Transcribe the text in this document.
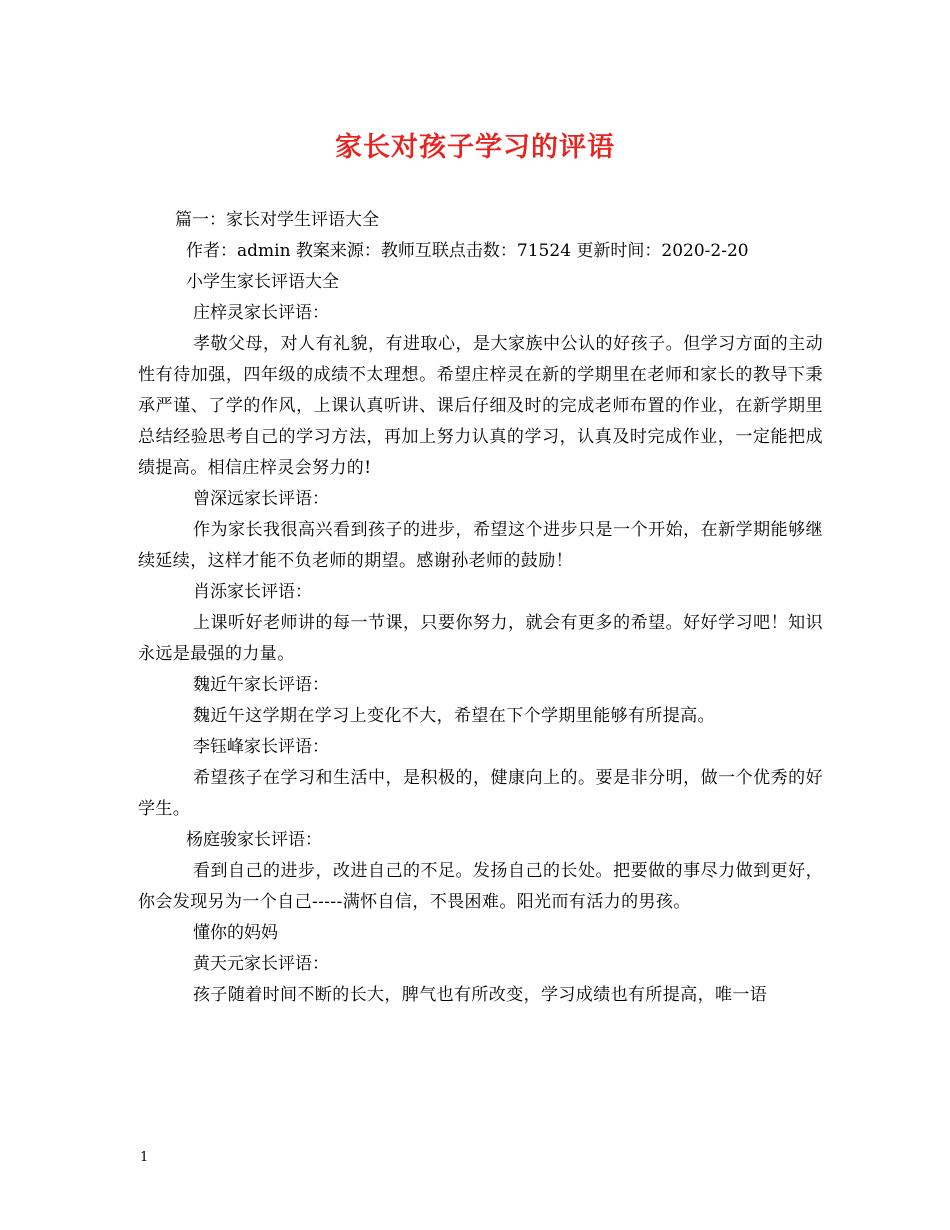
家长对孩子学习的评语

篇一：家长对学生评语大全

作者：admin 教案来源：教师互联点击数：71524 更新时间：2020-2-20

小学生家长评语大全

庄梓灵家长评语：

孝敬父母，对人有礼貌，有进取心，是大家族中公认的好孩子。但学习方面的主动性有待加强，四年级的成绩不太理想。希望庄梓灵在新的学期里在老师和家长的教导下秉承严谨、了学的作风，上课认真听讲、课后仔细及时的完成老师布置的作业，在新学期里总结经验思考自己的学习方法，再加上努力认真的学习，认真及时完成作业，一定能把成绩提高。相信庄梓灵会努力的!

曾深远家长评语：

作为家长我很高兴看到孩子的进步，希望这个进步只是一个开始，在新学期能够继续延续，这样才能不负老师的期望。感谢孙老师的鼓励！

肖泺家长评语：

上课听好老师讲的每一节课，只要你努力，就会有更多的希望。好好学习吧！知识永远是最强的力量。

魏近午家长评语：

魏近午这学期在学习上变化不大，希望在下个学期里能够有所提高。

李钰峰家长评语：

希望孩子在学习和生活中，是积极的，健康向上的。要是非分明，做一个优秀的好学生。

杨庭骏家长评语：

看到自己的进步，改进自己的不足。发扬自己的长处。把要做的事尽力做到更好，你会发现另为一个自己-----满怀自信，不畏困难。阳光而有活力的男孩。

懂你的妈妈

黄天元家长评语：

孩子随着时间不断的长大，脾气也有所改变，学习成绩也有所提高，唯一语

1
